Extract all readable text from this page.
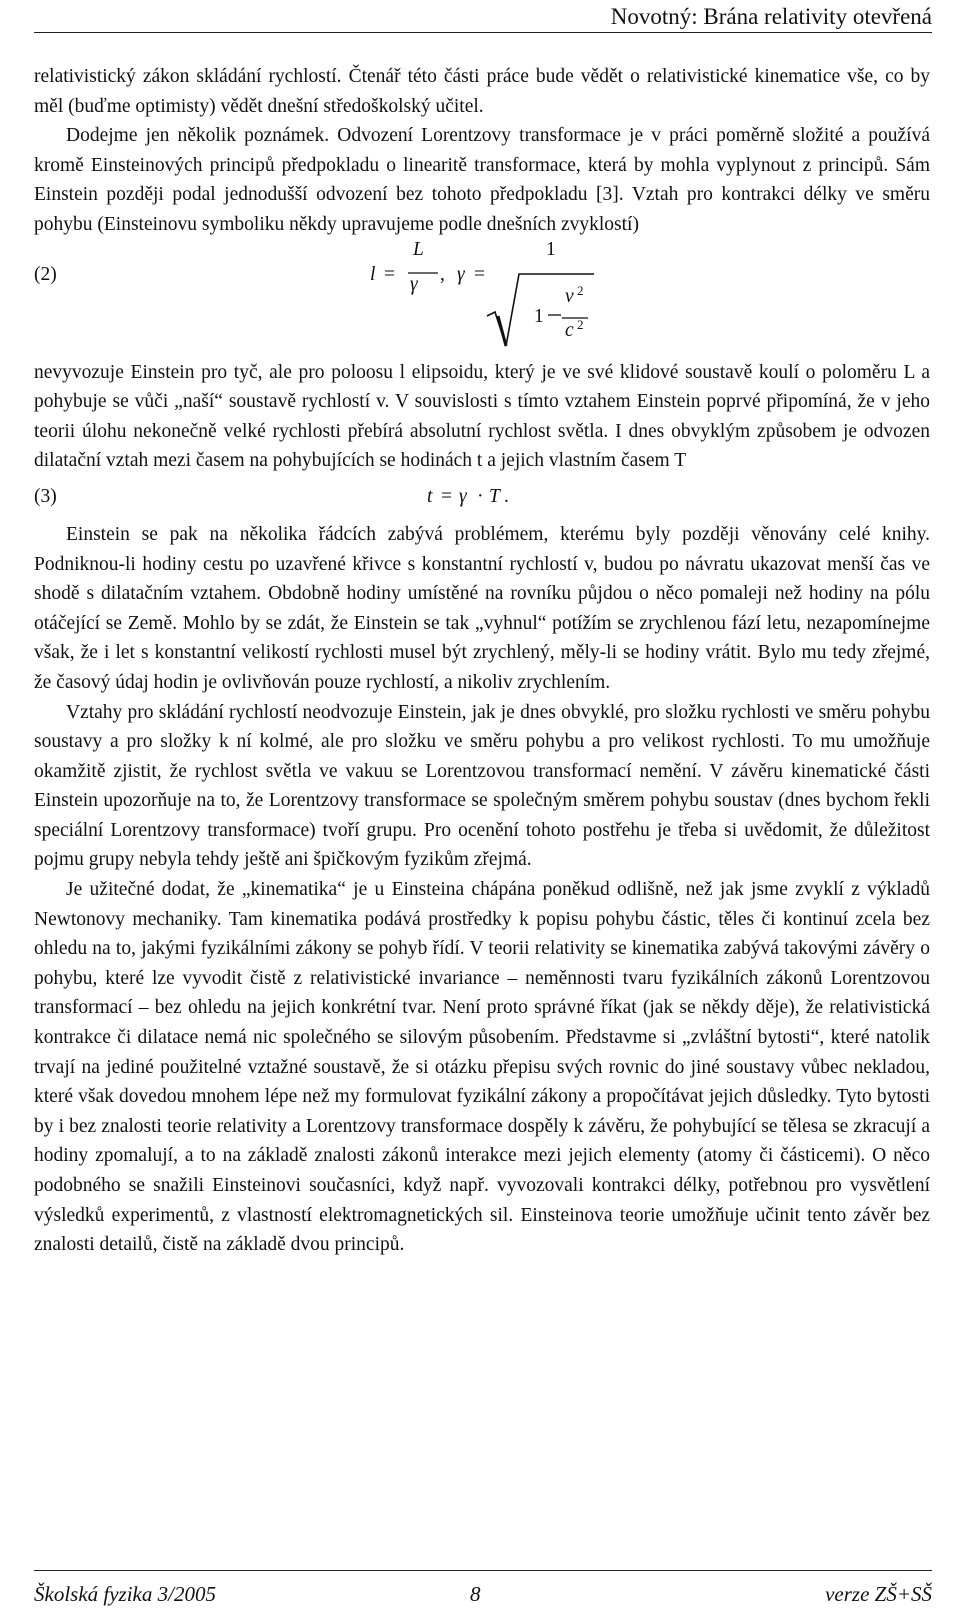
Novotný: Brána relativity otevřená

relativistický zákon skládání rychlostí. Čtenář této části práce bude vědět o relativistické kinematice vše, co by měl (buďme optimisty) vědět dnešní středoškolský učitel.

Dodejme jen několik poznámek. Odvození Lorentzovy transformace je v práci poměrně složité a používá kromě Einsteinových principů předpokladu o linearitě transformace, která by mohla vyplynout z principů. Sám Einstein později podal jednodušší odvození bez tohoto předpokladu [3]. Vztah pro kontrakci délky ve směru pohybu (Einsteinovu symboliku někdy upravujeme podle dnešních zvyklostí)

(2)	l =
L
γ , γ =
1
1
v 2
c 2

nevyvozuje Einstein pro tyč, ale pro poloosu l elipsoidu, který je ve své klidové soustavě koulí o poloměru L a pohybuje se vůči „naší“ soustavě rychlostí v. V souvislosti s tímto vztahem Einstein poprvé připomíná, že v jeho teorii úlohu nekonečně velké rychlosti přebírá absolutní rychlost světla. I dnes obvyklým způsobem je odvozen dilatační vztah mezi časem na pohybujících se hodinách t a jejich vlastním časem T

(3)	t = γ · T .

Einstein se pak na několika řádcích zabývá problémem, kterému byly později věnovány celé knihy. Podniknou-li hodiny cestu po uzavřené křivce s konstantní rychlostí v, budou po návratu ukazovat menší čas ve shodě s dilatačním vztahem. Obdobně hodiny umístěné na rovníku půjdou o něco pomaleji než hodiny na pólu otáčející se Země. Mohlo by se zdát, že Einstein se tak „vyhnul“ potížím se zrychlenou fází letu, nezapomínejme však, že i let s konstantní velikostí rychlosti musel být zrychlený, měly-li se hodiny vrátit. Bylo mu tedy zřejmé, že časový údaj hodin je ovlivňován pouze rychlostí, a nikoliv zrychlením.

Vztahy pro skládání rychlostí neodvozuje Einstein, jak je dnes obvyklé, pro složku rychlosti ve směru pohybu soustavy a pro složky k ní kolmé, ale pro složku ve směru pohybu a pro velikost rychlosti. To mu umožňuje okamžitě zjistit, že rychlost světla ve vakuu se Lorentzovou transformací nemění. V závěru kinematické části Einstein upozorňuje na to, že Lorentzovy transformace se společným směrem pohybu soustav (dnes bychom řekli speciální Lorentzovy transformace) tvoří grupu. Pro ocenění tohoto postřehu je třeba si uvědomit, že důležitost pojmu grupy nebyla tehdy ještě ani špičkovým fyzikům zřejmá.

Je užitečné dodat, že „kinematika“ je u Einsteina chápána poněkud odlišně, než jak jsme zvyklí z výkladů Newtonovy mechaniky. Tam kinematika podává prostředky k popisu pohybu částic, těles či kontinuí zcela bez ohledu na to, jakými fyzikálními zákony se pohyb řídí. V teorii relativity se kinematika zabývá takovými závěry o pohybu, které lze vyvodit čistě z relativistické invariance – neměnnosti tvaru fyzikálních zákonů Lorentzovou transformací – bez ohledu na jejich konkrétní tvar. Není proto správné říkat (jak se někdy děje), že relativistická kontrakce či dilatace nemá nic společného se silovým působením. Představme si „zvláštní bytosti“, které natolik trvají na jediné použitelné vztažné soustavě, že si otázku přepisu svých rovnic do jiné soustavy vůbec nekladou, které však dovedou mnohem lépe než my formulovat fyzikální zákony a propočítávat jejich důsledky. Tyto bytosti by i bez znalosti teorie relativity a Lorentzovy transformace dospěly k závěru, že pohybující se tělesa se zkracují a hodiny zpomalují, a to na základě znalosti zákonů interakce mezi jejich elementy (atomy či částicemi). O něco podobného se snažili Einsteinovi současníci, když např. vyvozovali kontrakci délky, potřebnou pro vysvětlení výsledků experimentů, z vlastností elektromagnetických sil. Einsteinova teorie umožňuje učinit tento závěr bez znalosti detailů, čistě na základě dvou principů.

Školská fyzika 3/2005	8	verze ZŠ+SŠ
